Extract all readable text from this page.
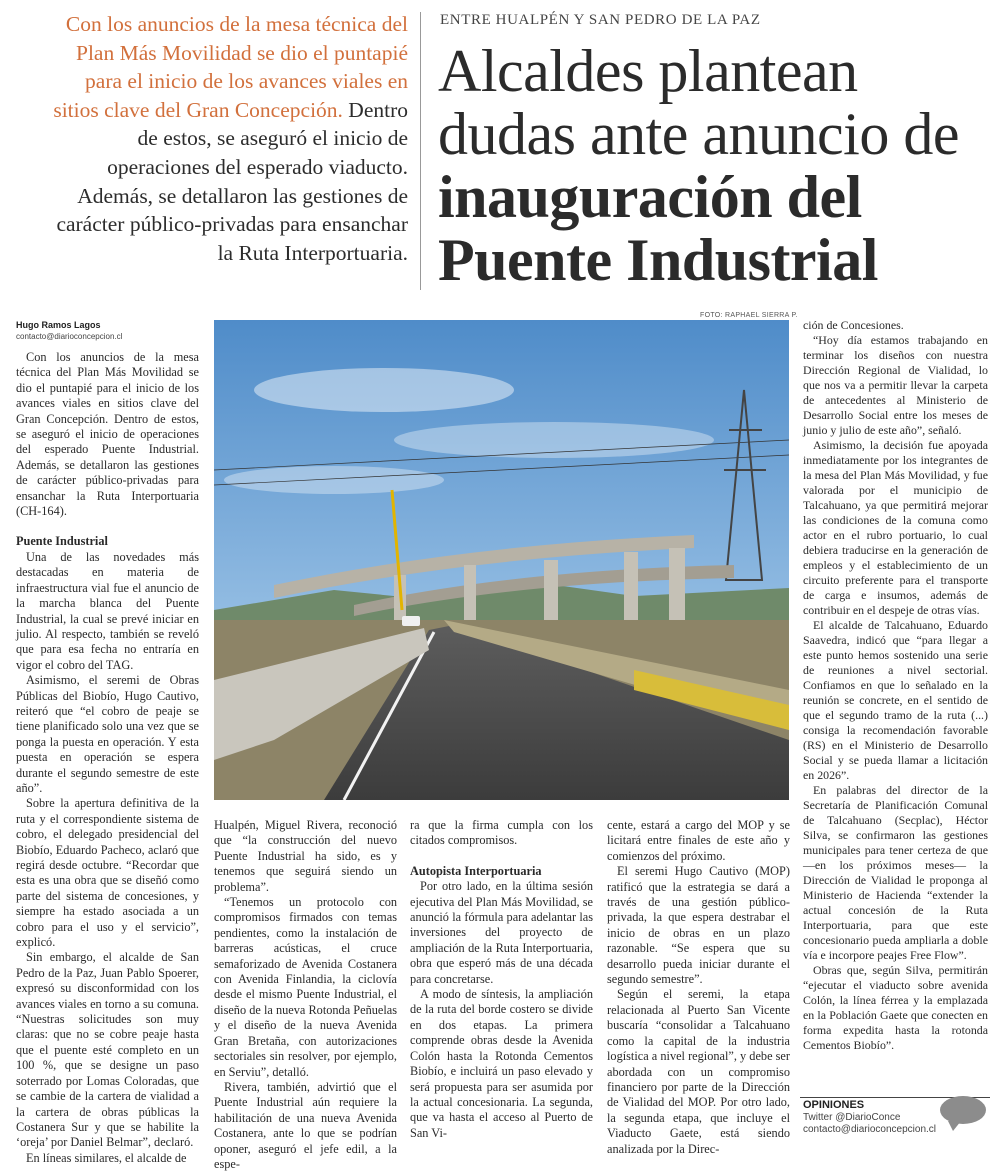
Con los anuncios de la mesa técnica del Plan Más Movilidad se dio el puntapié para el inicio de los avances viales en sitios clave del Gran Concepción. Dentro de estos, se aseguró el inicio de operaciones del esperado viaducto. Además, se detallaron las gestiones de carácter público-privadas para ensanchar la Ruta Interportuaria.
ENTRE HUALPÉN Y SAN PEDRO DE LA PAZ
Alcaldes plantean dudas ante anuncio de inauguración del Puente Industrial
Hugo Ramos Lagos
contacto@diarioconcepcion.cl

Con los anuncios de la mesa técnica del Plan Más Movilidad se dio el puntapié para el inicio de los avances viales en sitios clave del Gran Concepción. Dentro de estos, se aseguró el inicio de operaciones del esperado Puente Industrial. Además, se detallaron las gestiones de carácter público-privadas para ensanchar la Ruta Interportuaria (CH-164).

Puente Industrial

Una de las novedades más destacadas en materia de infraestructura vial fue el anuncio de la marcha blanca del Puente Industrial, la cual se prevé iniciar en julio. Al respecto, también se reveló que para esa fecha no entraría en vigor el cobro del TAG.

Asimismo, el seremi de Obras Públicas del Biobío, Hugo Cautivo, reiteró que “el cobro de peaje se tiene planificado solo una vez que se ponga la puesta en operación. Y esta puesta en operación se espera durante el segundo semestre de este año”.

Sobre la apertura definitiva de la ruta y el correspondiente sistema de cobro, el delegado presidencial del Biobío, Eduardo Pacheco, aclaró que regirá desde octubre. “Recordar que esta es una obra que se diseñó como parte del sistema de concesiones, y siempre ha estado asociada a un cobro para el uso y el servicio”, explicó.

Sin embargo, el alcalde de San Pedro de la Paz, Juan Pablo Spoerer, expresó su disconformidad con los avances viales en torno a su comuna. “Nuestras solicitudes son muy claras: que no se cobre peaje hasta que el puente esté completo en un 100 %, que se designe un paso soterrado por Lomas Coloradas, que se cambie de la cartera de vialidad a la cartera de obras públicas la Costanera Sur y que se habilite la ‘oreja’ por Daniel Belmar”, declaró.

En líneas similares, el alcalde de

FOTO: RAPHAEL SIERRA P.

Hualpén, Miguel Rivera, reconoció que “la construcción del nuevo Puente Industrial ha sido, es y tenemos que seguirá siendo un problema”.

“Tenemos un protocolo con compromisos firmados con temas pendientes, como la instalación de barreras acústicas, el cruce semaforizado de Avenida Costanera con Avenida Finlandia, la ciclovía desde el mismo Puente Industrial, el diseño de la nueva Rotonda Peñuelas y el diseño de la nueva Avenida Gran Bretaña, con autorizaciones sectoriales sin resolver, por ejemplo, en Serviu”, detalló.

Rivera, también, advirtió que el Puente Industrial aún requiere la habilitación de una nueva Avenida Costanera, ante lo que se podrían oponer, aseguró el jefe edil, a la espe-

ra que la firma cumpla con los citados compromisos.

Autopista Interportuaria

Por otro lado, en la última sesión ejecutiva del Plan Más Movilidad, se anunció la fórmula para adelantar las inversiones del proyecto de ampliación de la Ruta Interportuaria, obra que esperó más de una década para concretarse.

A modo de síntesis, la ampliación de la ruta del borde costero se divide en dos etapas. La primera comprende obras desde la Avenida Colón hasta la Rotonda Cementos Biobío, e incluirá un paso elevado y será propuesta para ser asumida por la actual concesionaria. La segunda, que va hasta el acceso al Puerto de San Vi-

cente, estará a cargo del MOP y se licitará entre finales de este año y comienzos del próximo.

El seremi Hugo Cautivo (MOP) ratificó que la estrategia se dará a través de una gestión público-privada, la que espera destrabar el inicio de obras en un plazo razonable. “Se espera que su desarrollo pueda iniciar durante el segundo semestre”.

Según el seremi, la etapa relacionada al Puerto San Vicente buscaría “consolidar a Talcahuano como la capital de la industria logística a nivel regional”, y debe ser abordada con un compromiso financiero por parte de la Dirección de Vialidad del MOP. Por otro lado, la segunda etapa, que incluye el Viaducto Gaete, está siendo analizada por la Direc-

ción de Concesiones.

“Hoy día estamos trabajando en terminar los diseños con nuestra Dirección Regional de Vialidad, lo que nos va a permitir llevar la carpeta de antecedentes al Ministerio de Desarrollo Social entre los meses de junio y julio de este año”, señaló.

Asimismo, la decisión fue apoyada inmediatamente por los integrantes de la mesa del Plan Más Movilidad, y fue valorada por el municipio de Talcahuano, ya que permitirá mejorar las condiciones de la comuna como actor en el rubro portuario, lo cual debiera traducirse en la generación de empleos y el establecimiento de un circuito preferente para el transporte de carga e insumos, además de contribuir en el despeje de otras vías.

El alcalde de Talcahuano, Eduardo Saavedra, indicó que “para llegar a este punto hemos sostenido una serie de reuniones a nivel sectorial. Confiamos en que lo señalado en la reunión se concrete, en el sentido de que el segundo tramo de la ruta (...) consiga la recomendación favorable (RS) en el Ministerio de Desarrollo Social y se pueda llamar a licitación en 2026”.

En palabras del director de la Secretaría de Planificación Comunal de Talcahuano (Secplac), Héctor Silva, se confirmaron las gestiones municipales para tener certeza de que —en los próximos meses— la Dirección de Vialidad le proponga al Ministerio de Hacienda “extender la actual concesión de la Ruta Interportuaria, para que este concesionario pueda ampliarla a doble vía e incorpore peajes Free Flow”.

Obras que, según Silva, permitirán “ejecutar el viaducto sobre avenida Colón, la línea férrea y la emplazada en la Población Gaete que conecten en forma expedita hasta la rotonda Cementos Biobío”.

OPINIONES
Twitter @DiarioConce
contacto@diarioconcepcion.cl
